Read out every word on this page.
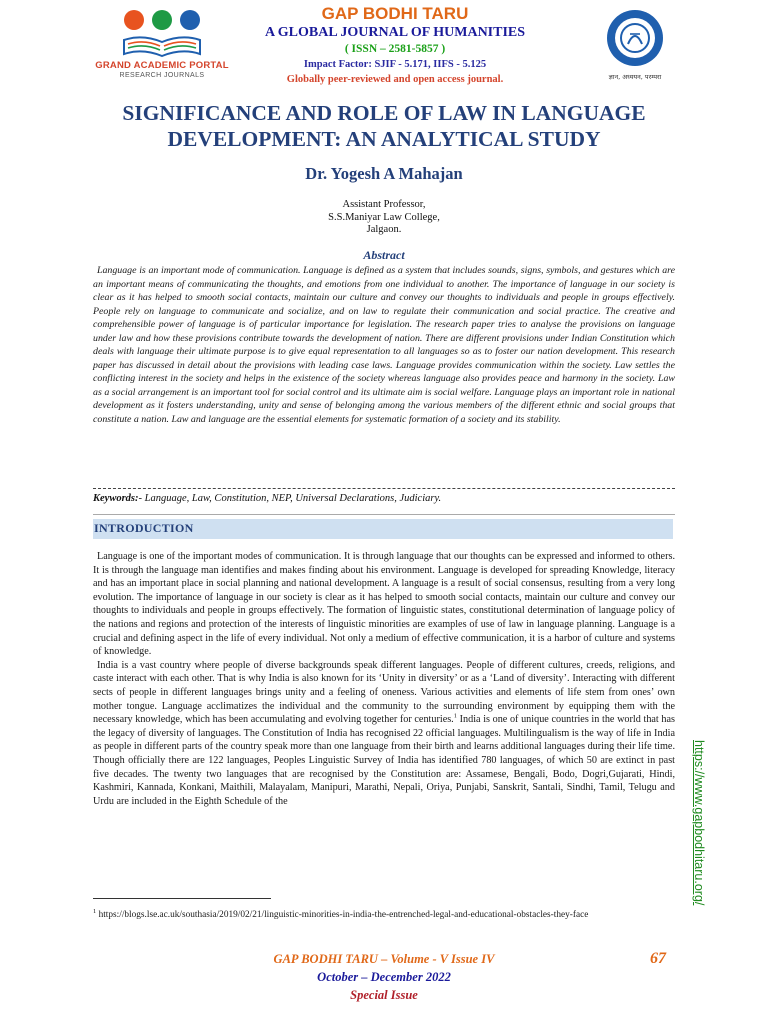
GRAND ACADEMIC PORTAL
RESEARCH JOURNALS
GAP BODHI TARU
A GLOBAL JOURNAL OF HUMANITIES
( ISSN – 2581-5857 )
Impact Factor: SJIF - 5.171, IIFS - 5.125
Globally peer-reviewed and open access journal.	ज्ञान, अध्ययन, परम्परा
SIGNIFICANCE AND ROLE OF LAW IN LANGUAGE DEVELOPMENT: AN ANALYTICAL STUDY
Dr. Yogesh A Mahajan
Assistant Professor,
S.S.Maniyar Law College,
Jalgaon.
Abstract

Language is an important mode of communication. Language is defined as a system that includes sounds, signs, symbols, and gestures which are an important means of communicating the thoughts, and emotions from one individual to another. The importance of language in our society is clear as it has helped to smooth social contacts, maintain our culture and convey our thoughts to individuals and people in groups effectively. People rely on language to communicate and socialize, and on law to regulate their communication and social practice. The creative and comprehensible power of language is of particular importance for legislation. The research paper tries to analyse the provisions on language under law and how these provisions contribute towards the development of nation. There are different provisions under Indian Constitution which deals with language their ultimate purpose is to give equal representation to all languages so as to foster our nation development. This research paper has discussed in detail about the provisions with leading case laws. Language provides communication within the society. Law settles the conflicting interest in the society and helps in the existence of the society whereas language also provides peace and harmony in the society. Law as a social arrangement is an important tool for social control and its ultimate aim is social welfare. Language plays an important role in national development as it fosters understanding, unity and sense of belonging among the various members of the different ethnic and social groups that constitute a nation. Law and language are the essential elements for systematic formation of a society and its stability.

Keywords:- Language, Law, Constitution, NEP, Universal Declarations, Judiciary.
INTRODUCTION

Language is one of the important modes of communication. It is through language that our thoughts can be expressed and informed to others. It is through the language man identifies and makes finding about his environment. Language is developed for spreading Knowledge, literacy and has an important place in social planning and national development. A language is a result of social consensus, resulting from a very long evolution. The importance of language in our society is clear as it has helped to smooth social contacts, maintain our culture and convey our thoughts to individuals and people in groups effectively. The formation of linguistic states, constitutional determination of language policy of the nations and regions and protection of the interests of linguistic minorities are examples of use of law in language planning. Language is a crucial and defining aspect in the life of every individual. Not only a medium of effective communication, it is a harbor of culture and systems of knowledge.

India is a vast country where people of diverse backgrounds speak different languages. People of different cultures, creeds, religions, and caste interact with each other. That is why India is also known for its ‘Unity in diversity’ or as a ‘Land of diversity’. Interacting with different sects of people in different languages brings unity and a feeling of oneness. Various activities and elements of life stem from ones’ own mother tongue. Language acclimatizes the individual and the community to the surrounding environment by equipping them with the necessary knowledge, which has been accumulating and evolving together for centuries.$^1$ India is one of unique countries in the world that has the legacy of diversity of languages. The Constitution of India has recognised 22 official languages. Multilingualism is the way of life in India as people in different parts of the country speak more than one language from their birth and learns additional languages during their life time. Though officially there are 122 languages, Peoples Linguistic Survey of India has identified 780 languages, of which 50 are extinct in past five decades. The twenty two languages that are recognised by the Constitution are: Assamese, Bengali, Bodo, Dogri,Gujarati, Hindi, Kashmiri, Kannada, Konkani, Maithili, Malayalam, Manipuri, Marathi, Nepali, Oriya, Punjabi, Sanskrit, Santali, Sindhi, Tamil, Telugu and Urdu are included in the Eighth Schedule of the

$^1$ https://blogs.lse.ac.uk/southasia/2019/02/21/linguistic-minorities-in-india-the-entrenched-legal-and-educational-obstacles-they-face
https://www.gapbodhitaru.org/
GAP BODHI TARU – Volume - V Issue IV
October – December 2022
Special Issue
67
